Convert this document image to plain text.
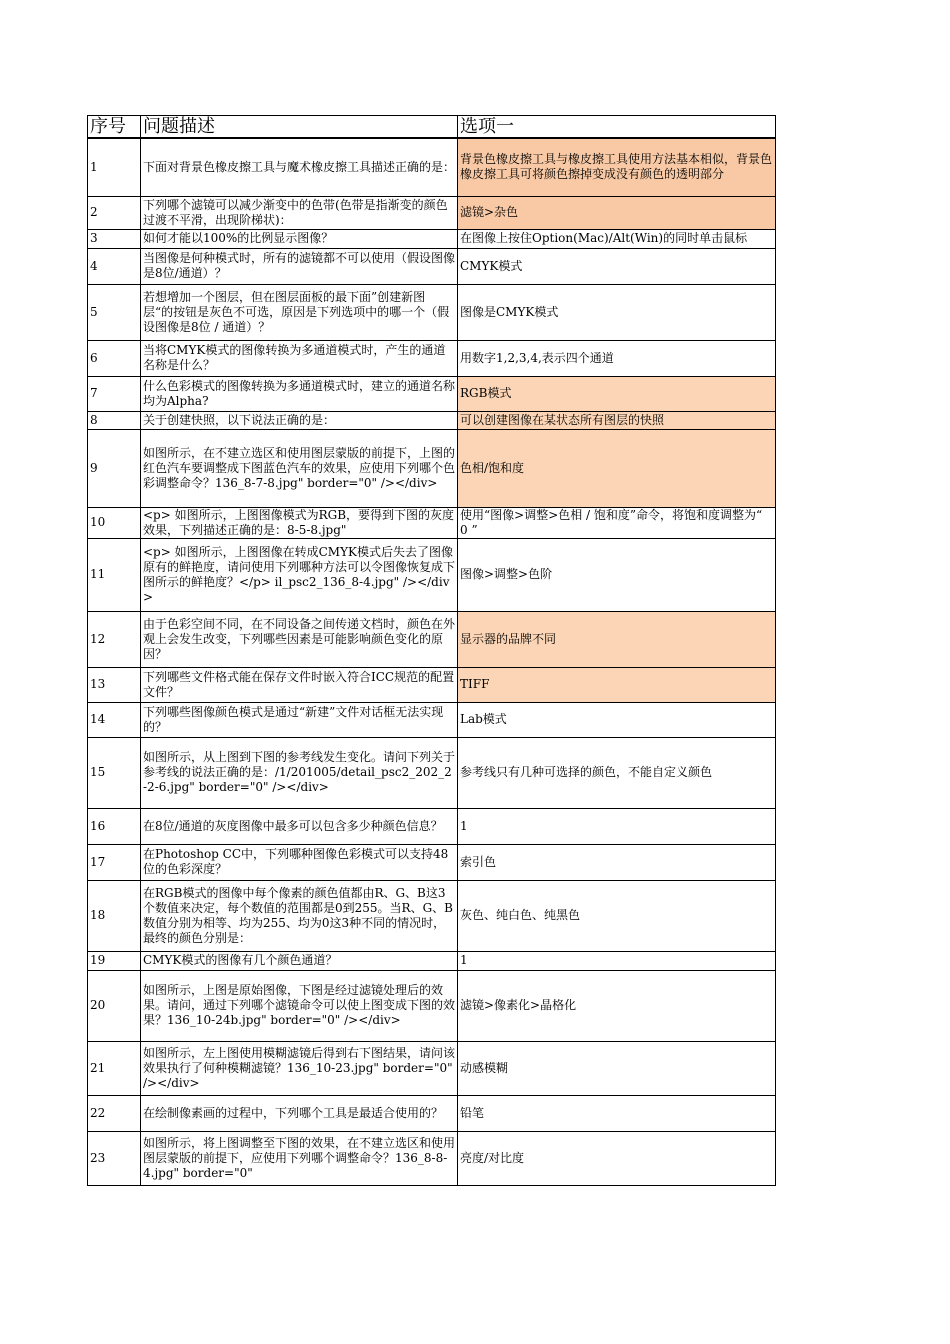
序号	问题描述	选项一
1	下面对背景色橡皮擦工具与魔术橡皮擦工具描述正确的是：	背景色橡皮擦工具与橡皮擦工具使用方法基本相似，背景色橡皮擦工具可将颜色擦掉变成没有颜色的透明部分

2	下列哪个滤镜可以减少渐变中的色带(色带是指渐变的颜色过渡不平滑，出现阶梯状)：	滤镜>杂色

3	如何才能以100%的比例显示图像？	在图像上按住Option(Mac)/Alt(Win)的同时单击鼠标

4	当图像是何种模式时，所有的滤镜都不可以使用（假设图像是8位/通道）？	CMYK模式

5	若想增加一个图层，但在图层面板的最下面”创建新图层“的按钮是灰色不可选，原因是下列选项中的哪一个（假设图像是8位 / 通道）？	图像是CMYK模式

6	当将CMYK模式的图像转换为多通道模式时，产生的通道名称是什么？	用数字1,2,3,4,表示四个通道

7	什么色彩模式的图像转换为多通道模式时，建立的通道名称均为Alpha?	RGB模式

8	关于创建快照，以下说法正确的是：	可以创建图像在某状态所有图层的快照

9	如图所示，在不建立选区和使用图层蒙版的前提下，上图的红色汽车要调整成下图蓝色汽车的效果，应使用下列哪个色彩调整命令？136_8-7-8.jpg" border="0" /></div>	色相/饱和度

10	<p> 如图所示，上图图像模式为RGB，要得到下图的灰度效果，下列描述正确的是：8-5-8.jpg"	使用“图像>调整>色相 / 饱和度”命令，将饱和度调整为“ 0 ”

11	<p> 如图所示，上图图像在转成CMYK模式后失去了图像原有的鲜艳度，请问使用下列哪种方法可以令图像恢复成下图所示的鲜艳度？</p> il_psc2_136_8-4.jpg" /></div>	图像>调整>色阶

12	由于色彩空间不同，在不同设备之间传递文档时，颜色在外观上会发生改变，下列哪些因素是可能影响颜色变化的原因？	显示器的品牌不同

13	下列哪些文件格式能在保存文件时嵌入符合ICC规范的配置文件？	TIFF

14	下列哪些图像颜色模式是通过“新建”文件对话框无法实现的？	Lab模式

15	如图所示，从上图到下图的参考线发生变化。请问下列关于参考线的说法正确的是：/1/201005/detail_psc2_202_2-2-6.jpg" border="0" /></div>	参考线只有几种可选择的颜色，不能自定义颜色

16	在8位/通道的灰度图像中最多可以包含多少种颜色信息？	1

17	在Photoshop CC中，下列哪种图像色彩模式可以支持48位的色彩深度？	索引色

18	在RGB模式的图像中每个像素的颜色值都由R、G、B这3个数值来决定，每个数值的范围都是0到255。当R、G、B数值分别为相等、均为255、均为0这3种不同的情况时，最终的颜色分别是：	灰色、纯白色、纯黑色

19	CMYK模式的图像有几个颜色通道？	1

20	如图所示，上图是原始图像，下图是经过滤镜处理后的效果。请问，通过下列哪个滤镜命令可以使上图变成下图的效果？136_10-24b.jpg" border="0" /></div>	滤镜>像素化>晶格化

21	如图所示，左上图使用模糊滤镜后得到右下图结果，请问该效果执行了何种模糊滤镜？136_10-23.jpg" border="0" /></div>	动感模糊

22	在绘制像素画的过程中，下列哪个工具是最适合使用的？	铅笔

23	如图所示，将上图调整至下图的效果，在不建立选区和使用图层蒙版的前提下，应使用下列哪个调整命令？136_8-8-4.jpg" border="0"	亮度/对比度
